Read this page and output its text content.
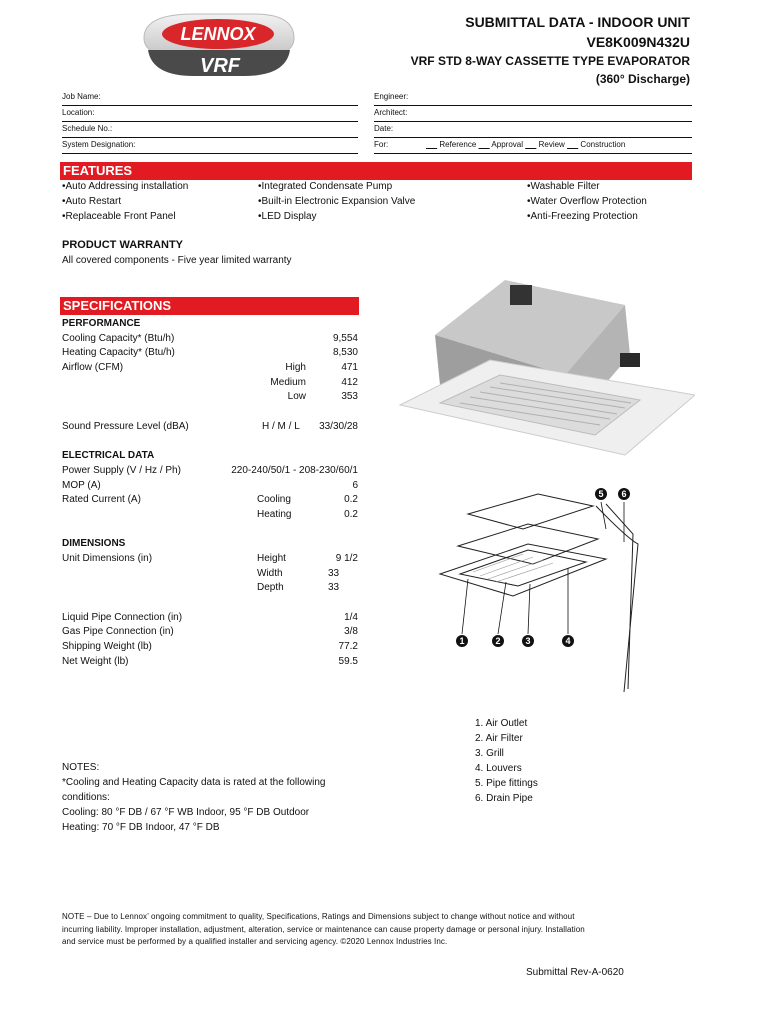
LENNOX
VRF
SUBMITTAL DATA - INDOOR UNIT
VE8K009N432U
VRF STD 8-WAY CASSETTE TYPE EVAPORATOR
(360° Discharge)
Job Name:
Location:
Schedule No.:
System Designation:
Engineer:
Architect:
Date:
For:	Reference Approval Review Construction
FEATURES
• Auto Addressing installation
• Auto Restart
• Replaceable Front Panel
• Integrated Condensate Pump
• Built-in Electronic Expansion Valve
• LED Display
• Washable Filter
• Water Overflow Protection
• Anti-Freezing Protection
PRODUCT WARRANTY
All covered components - Five year limited warranty
SPECIFICATIONS
PERFORMANCE
Cooling Capacity* (Btu/h)	9,554
Heating Capacity* (Btu/h)	8,530
Airflow (CFM)	High	471
Medium	412
Low	353
Sound Pressure Level (dBA)	H / M / L 33/30/28
ELECTRICAL DATA
Power Supply (V / Hz / Ph)	220-240/50/1 - 208-230/60/1
MOP (A)	6
Rated Current (A)	Cooling	0.2
Heating	0.2
DIMENSIONS
Unit Dimensions (in)	Height	9 1/2
Width	33
Depth	33
Liquid Pipe Connection (in)	1/4
Gas Pipe Connection (in)	3/8
Shipping Weight (lb)	77.2
Net Weight (lb)	59.5
1	2	3	4
5 6
1. Air Outlet
2. Air Filter
3. Grill
4. Louvers
5. Pipe fittings
6. Drain Pipe
NOTES:
*Cooling and Heating Capacity data is rated at the following
conditions:
Cooling: 80 °F DB / 67 °F WB Indoor, 95 °F DB Outdoor
Heating: 70 °F DB Indoor, 47 °F DB
NOTE – Due to Lennox’ ongoing commitment to quality, Specifications, Ratings and Dimensions subject to change without notice and without
incurring liability. Improper installation, adjustment, alteration, service or maintenance can cause property damage or personal injury. Installation
and service must be performed by a qualified installer and servicing agency. ©2020 Lennox Industries Inc.
Submittal Rev-A-0620
